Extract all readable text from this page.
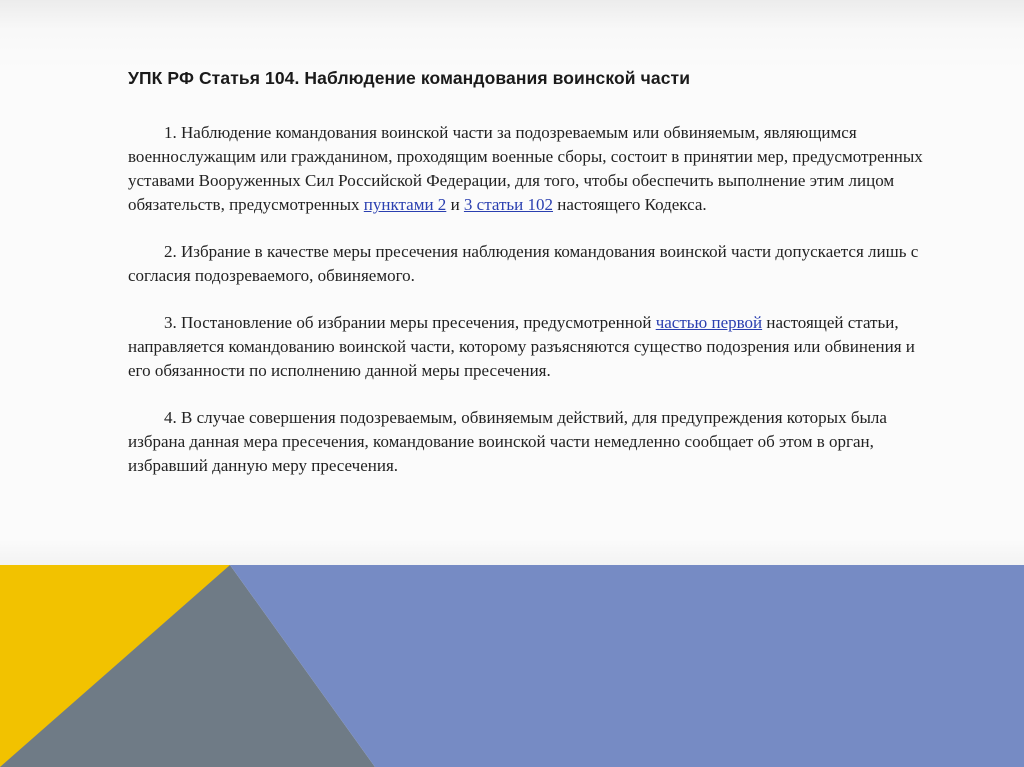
УПК РФ Статья 104. Наблюдение командования воинской части

1. Наблюдение командования воинской части за подозреваемым или обвиняемым, являющимся военнослужащим или гражданином, проходящим военные сборы, состоит в принятии мер, предусмотренных уставами Вооруженных Сил Российской Федерации, для того, чтобы обеспечить выполнение этим лицом обязательств, предусмотренных пунктами 2 и 3 статьи 102 настоящего Кодекса.

2. Избрание в качестве меры пресечения наблюдения командования воинской части допускается лишь с согласия подозреваемого, обвиняемого.

3. Постановление об избрании меры пресечения, предусмотренной частью первой настоящей статьи, направляется командованию воинской части, которому разъясняются существо подозрения или обвинения и его обязанности по исполнению данной меры пресечения.

4. В случае совершения подозреваемым, обвиняемым действий, для предупреждения которых была избрана данная мера пресечения, командование воинской части немедленно сообщает об этом в орган, избравший данную меру пресечения.
